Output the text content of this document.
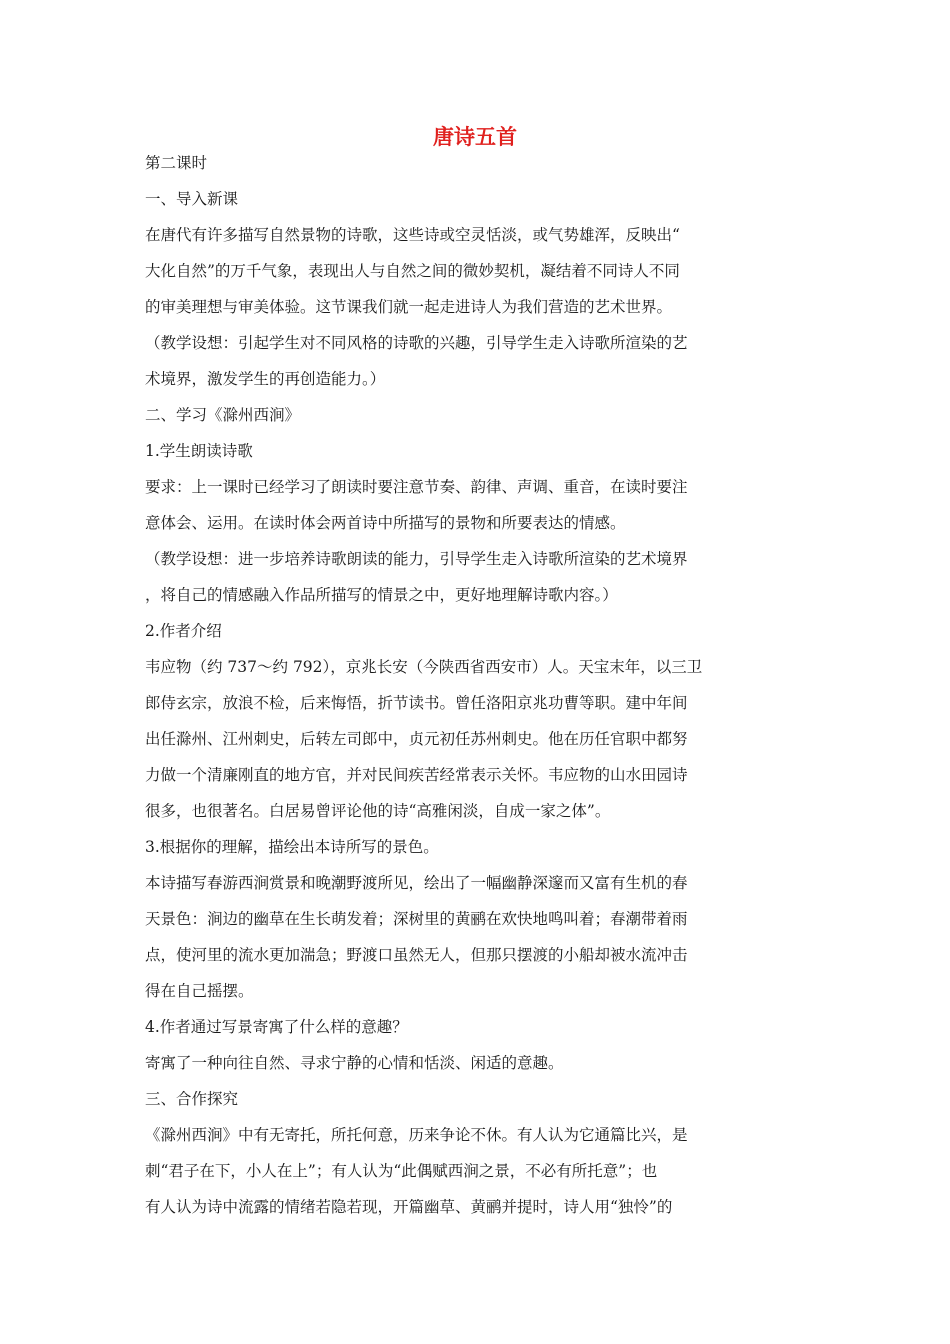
唐诗五首
第二课时
一、导入新课
在唐代有许多描写自然景物的诗歌，这些诗或空灵恬淡，或气势雄浑，反映出“
大化自然”的万千气象，表现出人与自然之间的微妙契机，凝结着不同诗人不同
的审美理想与审美体验。这节课我们就一起走进诗人为我们营造的艺术世界。
（教学设想：引起学生对不同风格的诗歌的兴趣，引导学生走入诗歌所渲染的艺
术境界，激发学生的再创造能力。）
二、学习《滁州西涧》
1.学生朗读诗歌
要求：上一课时已经学习了朗读时要注意节奏、韵律、声调、重音，在读时要注
意体会、运用。在读时体会两首诗中所描写的景物和所要表达的情感。
（教学设想：进一步培养诗歌朗读的能力，引导学生走入诗歌所渲染的艺术境界
，将自己的情感融入作品所描写的情景之中，更好地理解诗歌内容。）
2.作者介绍
韦应物（约 737～约 792），京兆长安（今陕西省西安市）人。天宝末年，以三卫
郎侍玄宗，放浪不检，后来悔悟，折节读书。曾任洛阳京兆功曹等职。建中年间
出任滁州、江州刺史，后转左司郎中，贞元初任苏州刺史。他在历任官职中都努
力做一个清廉刚直的地方官，并对民间疾苦经常表示关怀。韦应物的山水田园诗
很多，也很著名。白居易曾评论他的诗“高雅闲淡，自成一家之体”。
3.根据你的理解，描绘出本诗所写的景色。
本诗描写春游西涧赏景和晚潮野渡所见，绘出了一幅幽静深邃而又富有生机的春
天景色：涧边的幽草在生长萌发着；深树里的黄鹂在欢快地鸣叫着；春潮带着雨
点，使河里的流水更加湍急；野渡口虽然无人，但那只摆渡的小船却被水流冲击
得在自己摇摆。
4.作者通过写景寄寓了什么样的意趣？
寄寓了一种向往自然、寻求宁静的心情和恬淡、闲适的意趣。
三、合作探究
《滁州西涧》中有无寄托，所托何意，历来争论不休。有人认为它通篇比兴，是
刺“君子在下，小人在上”；有人认为“此偶赋西涧之景，不必有所托意”；也
有人认为诗中流露的情绪若隐若现，开篇幽草、黄鹂并提时，诗人用“独怜”的
